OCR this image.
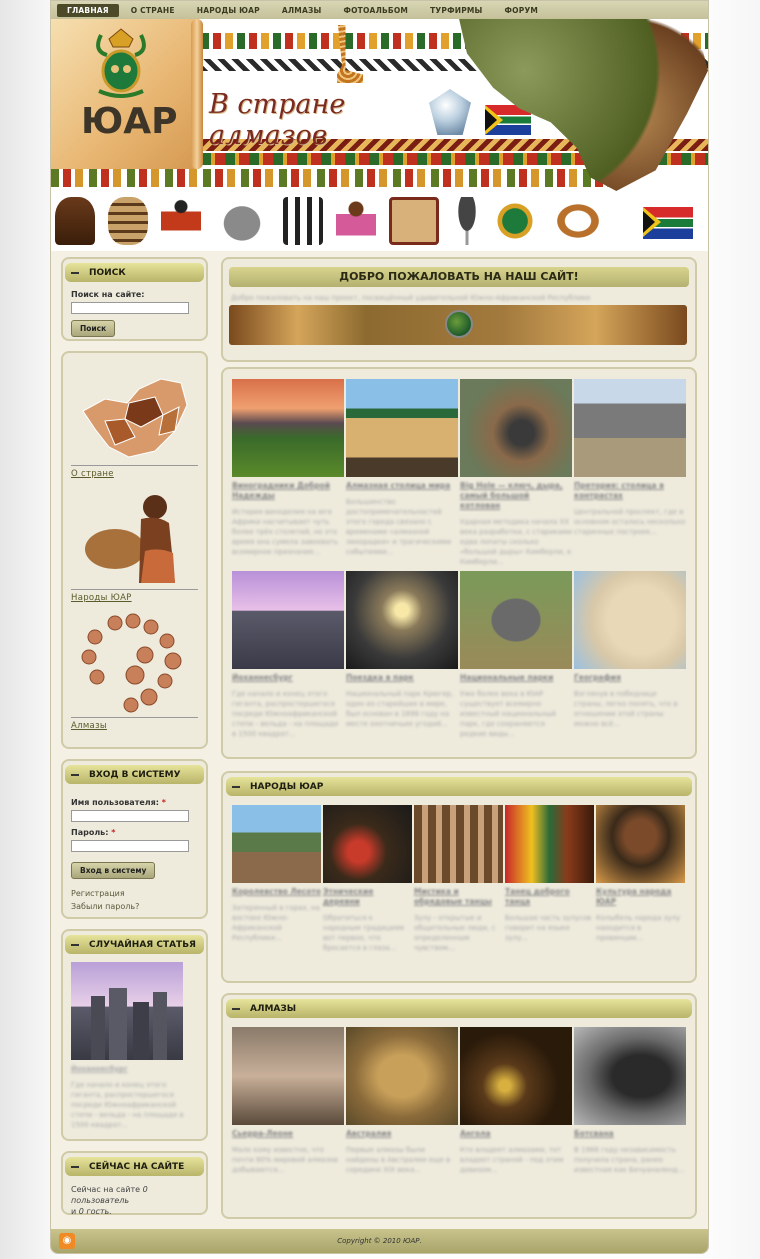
ГЛАВНАЯ	О СТРАНЕ	НАРОДЫ ЮАР	АЛМАЗЫ	ФОТОАЛЬБОМ	ТУРФИРМЫ	ФОРУМ
В стране алмазов
ЮАР
ПОИСК
Поиск на сайте:
Поиск
О стране
Народы ЮАР
Алмазы
ВХОД В СИСТЕМУ
Имя пользователя: *
Пароль: *
Вход в систему
Регистрация
Забыли пароль?
СЛУЧАЙНАЯ СТАТЬЯ
Йоханнесбург
Где начало и конец этого гиганта, распростершегося посреди Южноафриканской степи - вельда - на площади в 1500 квадрат...
СЕЙЧАС НА САЙТЕ
Сейчас на сайте 0 пользователь
и 0 гость.
ДОБРО ПОЖАЛОВАТЬ НА НАШ САЙТ!
Добро пожаловать на наш проект, посвящённый удивительной Южно-Африканской Республике
Виноградники Доброй Надежды
История виноделия на юге Африки насчитывает чуть более трёх столетий, но это время она сумела завоевать всемирное признание...
Алмазная столица мира
Большинство достопримечательностей этого города связано с временами «алмазной лихорадки» и трагическими событиями...
Big Hole — ключ, дыра, самый большой котлован
Ударная методика начала XX века разработки, с стариками едва лопаты сколько «большой дыры» Кимберли, к Кимберли...
Претория: столица в контрастах
Центральной проспект, где в основном осталось несколько старинных построек...
Йоханнесбург
Где начало и конец этого гиганта, распростершегося посреди Южноафриканской степи - вельда - на площади в 1500 квадрат...
Поездка в парк
Национальный парк Крюгер, один из старейших в мире, был основан в 1898 году на месте охотничьих угодий...
Национальные парки
Уже более века в ЮАР существует всемирно известный национальный парк, где сохраняются редкие виды...
География
Взглянув в победнице страны, легко понять, что в отношении этой страны можно всё...
НАРОДЫ ЮАР
Королевство Лесото
Затерянный в горах, на востоке Южно-Африканской Республики...
Этнические деревни
Обратиться к народным традициям вот первое, что бросается в глаза...
Мистика и обрядовые танцы
Зулу - открытые и общительные люди, с определенным чувством...
Танец доброго танца
Большая часть зулусов говорит на языке зулу...
Культура народа ЮАР
Колыбель народа зулу находится в провинции...
АЛМАЗЫ
Сьерра-Леоне
Мало кому известно, что почти 80% мировой алмазов добываются...
Австралия
Первые алмазы были найдены в Австралии еще в середине XIX века...
Ангола
Кто владеет алмазами, тот владеет страной - под этим девизом...
Ботсвана
В 1966 году независимость получила страна, ранее известная как Бечуаналенд...
Copyright © 2010 ЮАР.
◉
